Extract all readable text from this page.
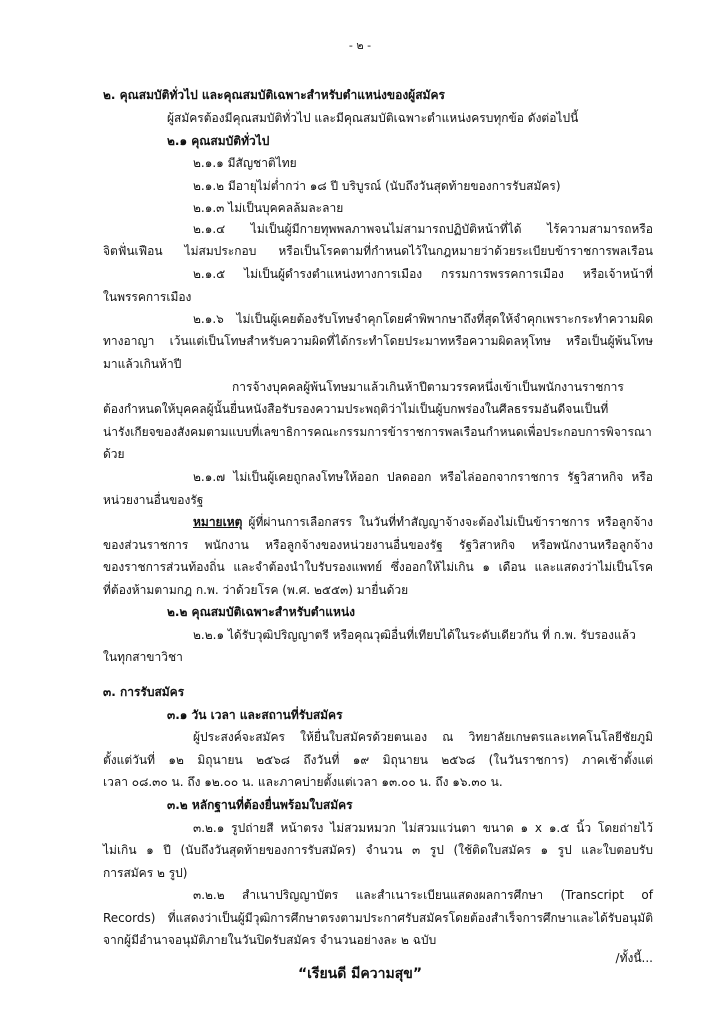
- ๒ -
๒. คุณสมบัติทั่วไป และคุณสมบัติเฉพาะสำหรับตำแหน่งของผู้สมัคร
ผู้สมัครต้องมีคุณสมบัติทั่วไป และมีคุณสมบัติเฉพาะตำแหน่งครบทุกข้อ ดังต่อไปนี้
๒.๑ คุณสมบัติทั่วไป
๒.๑.๑ มีสัญชาติไทย
๒.๑.๒ มีอายุไม่ต่ำกว่า ๑๘ ปี บริบูรณ์ (นับถึงวันสุดท้ายของการรับสมัคร)
๒.๑.๓ ไม่เป็นบุคคลล้มละลาย
๒.๑.๔ ไม่เป็นผู้มีกายทุพพลภาพจนไม่สามารถปฏิบัติหน้าที่ได้ ไร้ความสามารถหรือ
จิตฟั่นเฟือน ไม่สมประกอบ หรือเป็นโรคตามที่กำหนดไว้ในกฎหมายว่าด้วยระเบียบข้าราชการพลเรือน
๒.๑.๕ ไม่เป็นผู้ดำรงตำแหน่งทางการเมือง กรรมการพรรคการเมือง หรือเจ้าหน้าที่
ในพรรคการเมือง
๒.๑.๖ ไม่เป็นผู้เคยต้องรับโทษจำคุกโดยคำพิพากษาถึงที่สุดให้จำคุกเพราะกระทำความผิด
ทางอาญา เว้นแต่เป็นโทษสำหรับความผิดที่ได้กระทำโดยประมาทหรือความผิดลหุโทษ หรือเป็นผู้พ้นโทษ
มาแล้วเกินห้าปี
การจ้างบุคคลผู้พ้นโทษมาแล้วเกินห้าปีตามวรรคหนึ่งเข้าเป็นพนักงานราชการ
ต้องกำหนดให้บุคคลผู้นั้นยื่นหนังสือรับรองความประพฤติว่าไม่เป็นผู้บกพร่องในศีลธรรมอันดีจนเป็นที่
น่ารังเกียจของสังคมตามแบบที่เลขาธิการคณะกรรมการข้าราชการพลเรือนกำหนดเพื่อประกอบการพิจารณา
ด้วย
๒.๑.๗ ไม่เป็นผู้เคยถูกลงโทษให้ออก ปลดออก หรือไล่ออกจากราชการ รัฐวิสาหกิจ หรือ
หน่วยงานอื่นของรัฐ
หมายเหตุ ผู้ที่ผ่านการเลือกสรร ในวันที่ทำสัญญาจ้างจะต้องไม่เป็นข้าราชการ หรือลูกจ้าง
ของส่วนราชการ พนักงาน หรือลูกจ้างของหน่วยงานอื่นของรัฐ รัฐวิสาหกิจ หรือพนักงานหรือลูกจ้าง
ของราชการส่วนท้องถิ่น และจำต้องนำใบรับรองแพทย์ ซึ่งออกให้ไม่เกิน ๑ เดือน และแสดงว่าไม่เป็นโรค
ที่ต้องห้ามตามกฎ ก.พ. ว่าด้วยโรค (พ.ศ. ๒๕๕๓) มายื่นด้วย
๒.๒ คุณสมบัติเฉพาะสำหรับตำแหน่ง
๒.๒.๑ ได้รับวุฒิปริญญาตรี หรือคุณวุฒิอื่นที่เทียบได้ในระดับเดียวกัน ที่ ก.พ. รับรองแล้ว
ในทุกสาขาวิชา
๓. การรับสมัคร
๓.๑ วัน เวลา และสถานที่รับสมัคร
ผู้ประสงค์จะสมัคร ให้ยื่นใบสมัครด้วยตนเอง ณ วิทยาลัยเกษตรและเทคโนโลยีชัยภูมิ
ตั้งแต่วันที่ ๑๒ มิถุนายน ๒๕๖๘ ถึงวันที่ ๑๙ มิถุนายน ๒๕๖๘ (ในวันราชการ) ภาคเช้าตั้งแต่
เวลา ๐๘.๓๐ น. ถึง ๑๒.๐๐ น. และภาคบ่ายตั้งแต่เวลา ๑๓.๐๐ น. ถึง ๑๖.๓๐ น.
๓.๒ หลักฐานที่ต้องยื่นพร้อมใบสมัคร
๓.๒.๑ รูปถ่ายสี หน้าตรง ไม่สวมหมวก ไม่สวมแว่นตา ขนาด ๑ x ๑.๕ นิ้ว โดยถ่ายไว้
ไม่เกิน ๑ ปี (นับถึงวันสุดท้ายของการรับสมัคร) จำนวน ๓ รูป (ใช้ติดใบสมัคร ๑ รูป และใบตอบรับ
การสมัคร ๒ รูป)
๓.๒.๒ สำเนาปริญญาบัตร และสำเนาระเบียนแสดงผลการศึกษา (Transcript of
Records) ที่แสดงว่าเป็นผู้มีวุฒิการศึกษาตรงตามประกาศรับสมัครโดยต้องสำเร็จการศึกษาและได้รับอนุมัติ
จากผู้มีอำนาจอนุมัติภายในวันปิดรับสมัคร จำนวนอย่างละ ๒ ฉบับ
/ทั้งนี้...
“เรียนดี มีความสุข”
